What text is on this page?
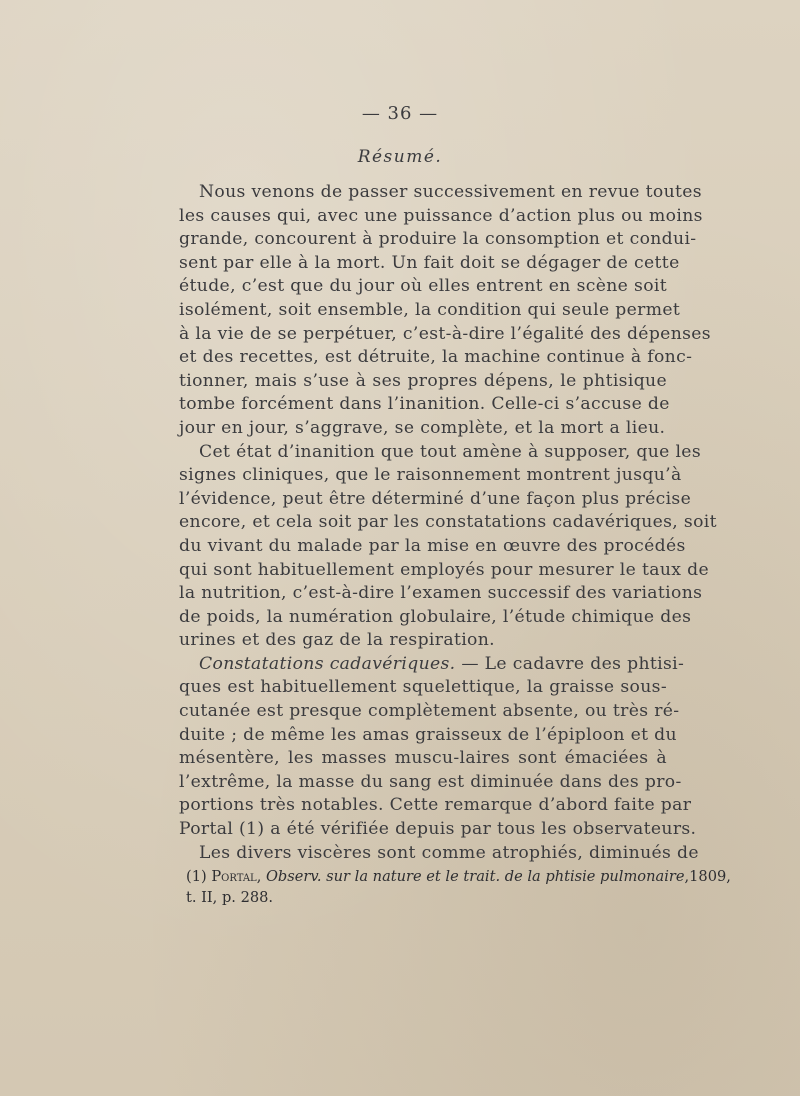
— 36 —
Résumé.
Nous venons de passer successivement en revue toutes
les causes qui, avec une puissance d’action plus ou moins
grande, concourent à produire la consomption et condui-
sent par elle à la mort. Un fait doit se dégager de cette
étude, c’est que du jour où elles entrent en scène soit
isolément, soit ensemble, la condition qui seule permet
à la vie de se perpétuer, c’est-à-dire l’égalité des dépenses
et des recettes, est détruite, la machine continue à fonc-
tionner, mais s’use à ses propres dépens, le phtisique
tombe forcément dans l’inanition. Celle-ci s’accuse de
jour en jour, s’aggrave, se complète, et la mort a lieu.
Cet état d’inanition que tout amène à supposer, que les
signes cliniques, que le raisonnement montrent jusqu’à
l’évidence, peut être déterminé d’une façon plus précise
encore, et cela soit par les constatations cadavériques, soit
du vivant du malade par la mise en œuvre des procédés
qui sont habituellement employés pour mesurer le taux de
la nutrition, c’est-à-dire l’examen successif des variations
de poids, la numération globulaire, l’étude chimique des
urines et des gaz de la respiration.
Constatations cadavériques. — Le cadavre des phtisi-
ques est habituellement squelettique, la graisse sous-
cutanée est presque complètement absente, ou très ré-
duite ; de même les amas graisseux de l’épiploon et du
mésentère, les masses muscu-laires sont émaciées à
l’extrême, la masse du sang est diminuée dans des pro-
portions très notables. Cette remarque d’abord faite par
Portal (1) a été vérifiée depuis par tous les observateurs.
Les divers viscères sont comme atrophiés, diminués de
(1) Portal, Observ. sur la nature et le trait. de la phtisie pulmonaire,1809,
t. II, p. 288.
